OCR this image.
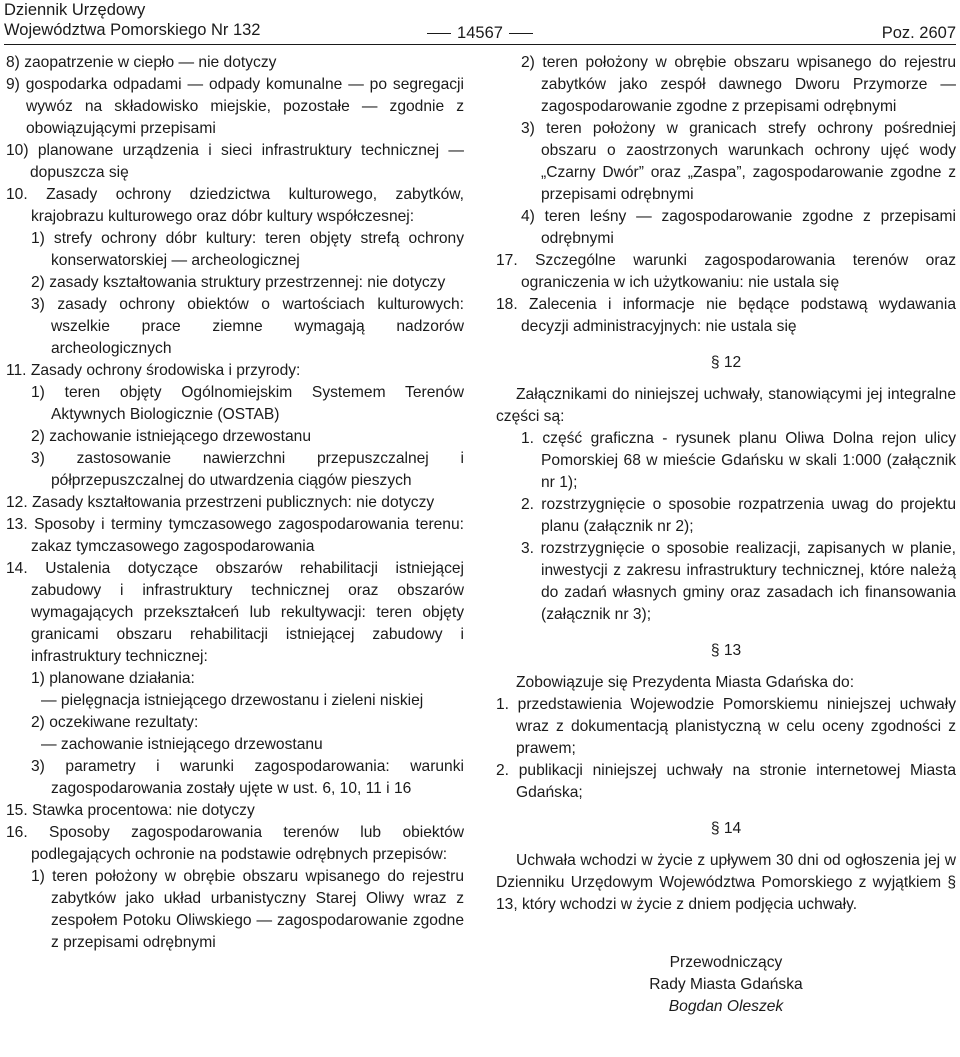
Dziennik Urzędowy
Województwa Pomorskiego Nr 132	14567	Poz. 2607
8) zaopatrzenie w ciepło — nie dotyczy
9) gospodarka odpadami — odpady komunalne — po segregacji wywóz na składowisko miejskie, pozostałe — zgodnie z obowiązującymi przepisami
10) planowane urządzenia i sieci infrastruktury technicznej — dopuszcza się
10. Zasady ochrony dziedzictwa kulturowego, zabytków, krajobrazu kulturowego oraz dóbr kultury współczesnej:
1) strefy ochrony dóbr kultury: teren objęty strefą ochrony konserwatorskiej — archeologicznej
2) zasady kształtowania struktury przestrzennej: nie dotyczy
3) zasady ochrony obiektów o wartościach kulturowych: wszelkie prace ziemne wymagają nadzorów archeologicznych
11. Zasady ochrony środowiska i przyrody:
1) teren objęty Ogólnomiejskim Systemem Terenów Aktywnych Biologicznie (OSTAB)
2) zachowanie istniejącego drzewostanu
3) zastosowanie nawierzchni przepuszczalnej i półprzepuszczalnej do utwardzenia ciągów pieszych
12. Zasady kształtowania przestrzeni publicznych: nie dotyczy
13. Sposoby i terminy tymczasowego zagospodarowania terenu: zakaz tymczasowego zagospodarowania
14. Ustalenia dotyczące obszarów rehabilitacji istniejącej zabudowy i infrastruktury technicznej oraz obszarów wymagających przekształceń lub rekultywacji: teren objęty granicami obszaru rehabilitacji istniejącej zabudowy i infrastruktury technicznej:
1) planowane działania:
— pielęgnacja istniejącego drzewostanu i zieleni niskiej
2) oczekiwane rezultaty:
— zachowanie istniejącego drzewostanu
3) parametry i warunki zagospodarowania: warunki zagospodarowania zostały ujęte w ust. 6, 10, 11 i 16
15. Stawka procentowa: nie dotyczy
16. Sposoby zagospodarowania terenów lub obiektów podlegających ochronie na podstawie odrębnych przepisów:
1) teren położony w obrębie obszaru wpisanego do rejestru zabytków jako układ urbanistyczny Starej Oliwy wraz z zespołem Potoku Oliwskiego — zagospodarowanie zgodne z przepisami odrębnymi
2) teren położony w obrębie obszaru wpisanego do rejestru zabytków jako zespół dawnego Dworu Przymorze — zagospodarowanie zgodne z przepisami odrębnymi
3) teren położony w granicach strefy ochrony pośredniej obszaru o zaostrzonych warunkach ochrony ujęć wody „Czarny Dwór” oraz „Zaspa”, zagospodarowanie zgodne z przepisami odrębnymi
4) teren leśny — zagospodarowanie zgodne z przepisami odrębnymi
17. Szczególne warunki zagospodarowania terenów oraz ograniczenia w ich użytkowaniu: nie ustala się
18. Zalecenia i informacje nie będące podstawą wydawania decyzji administracyjnych: nie ustala się
§ 12
Załącznikami do niniejszej uchwały, stanowiącymi jej integralne części są:
1. część graficzna - rysunek planu Oliwa Dolna rejon ulicy Pomorskiej 68 w mieście Gdańsku w skali 1:000 (załącznik nr 1);
2. rozstrzygnięcie o sposobie rozpatrzenia uwag do projektu planu (załącznik nr 2);
3. rozstrzygnięcie o sposobie realizacji, zapisanych w planie, inwestycji z zakresu infrastruktury technicznej, które należą do zadań własnych gminy oraz zasadach ich finansowania (załącznik nr 3);
§ 13
Zobowiązuje się Prezydenta Miasta Gdańska do:
1. przedstawienia Wojewodzie Pomorskiemu niniejszej uchwały wraz z dokumentacją planistyczną w celu oceny zgodności z prawem;
2. publikacji niniejszej uchwały na stronie internetowej Miasta Gdańska;
§ 14
Uchwała wchodzi w życie z upływem 30 dni od ogłoszenia jej w Dzienniku Urzędowym Województwa Pomorskiego z wyjątkiem § 13, który wchodzi w życie z dniem podjęcia uchwały.
Przewodniczący
Rady Miasta Gdańska
Bogdan Oleszek
